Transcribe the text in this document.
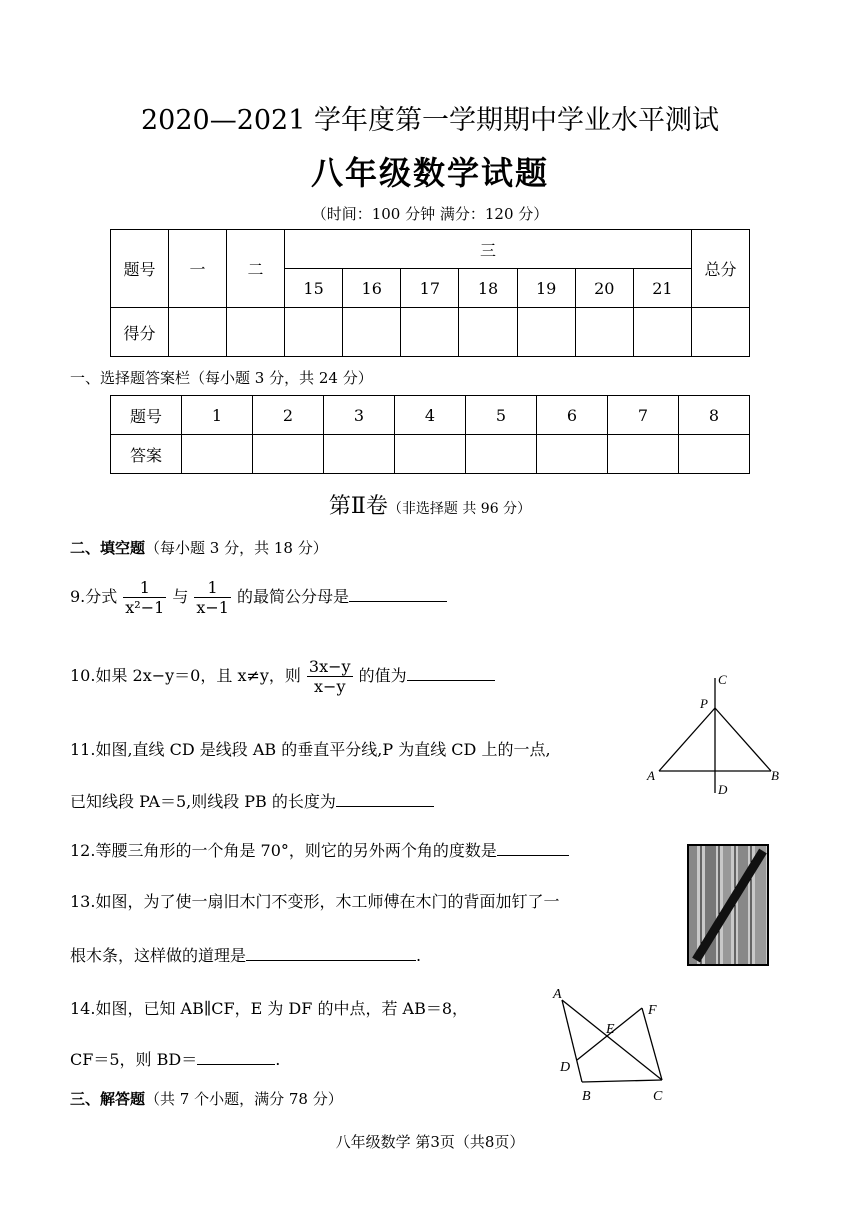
2020—2021 学年度第一学期期中学业水平测试
八年级数学试题
（时间：100 分钟 满分：120 分）
题号	一	二	三							总分
			15	16	17	18	19	20	21	
得分										
一、选择题答案栏（每小题 3 分，共 24 分）
题号	1	2	3	4	5	6	7	8
答案								
第Ⅱ卷（非选择题 共 96 分）
二、填空题（每小题 3 分，共 18 分）
9.分式 $\frac{1}{\text{x²−1}}$ 与 $\frac{1}{x-1}$ 的最简公分母是
10.如果 2x−y＝0，且 x≠y，则 $\frac{3x-y}{x-y}$ 的值为
11.如图,直线 CD 是线段 AB 的垂直平分线,P 为直线 CD 上的一点,
已知线段 PA＝5,则线段 PB 的长度为
C
P
A	B
D
12.等腰三角形的一个角是 70°，则它的另外两个角的度数是
13.如图，为了使一扇旧木门不变形，木工师傅在木门的背面加钉了一
根木条，这样做的道理是	.
14.如图，已知 AB∥CF，E 为 DF 的中点，若 AB＝8，
CF＝5，则 BD＝	.
A
E
F
D
B	C
三、解答题（共 7 个小题，满分 78 分）
八年级数学 第3页（共8页）
